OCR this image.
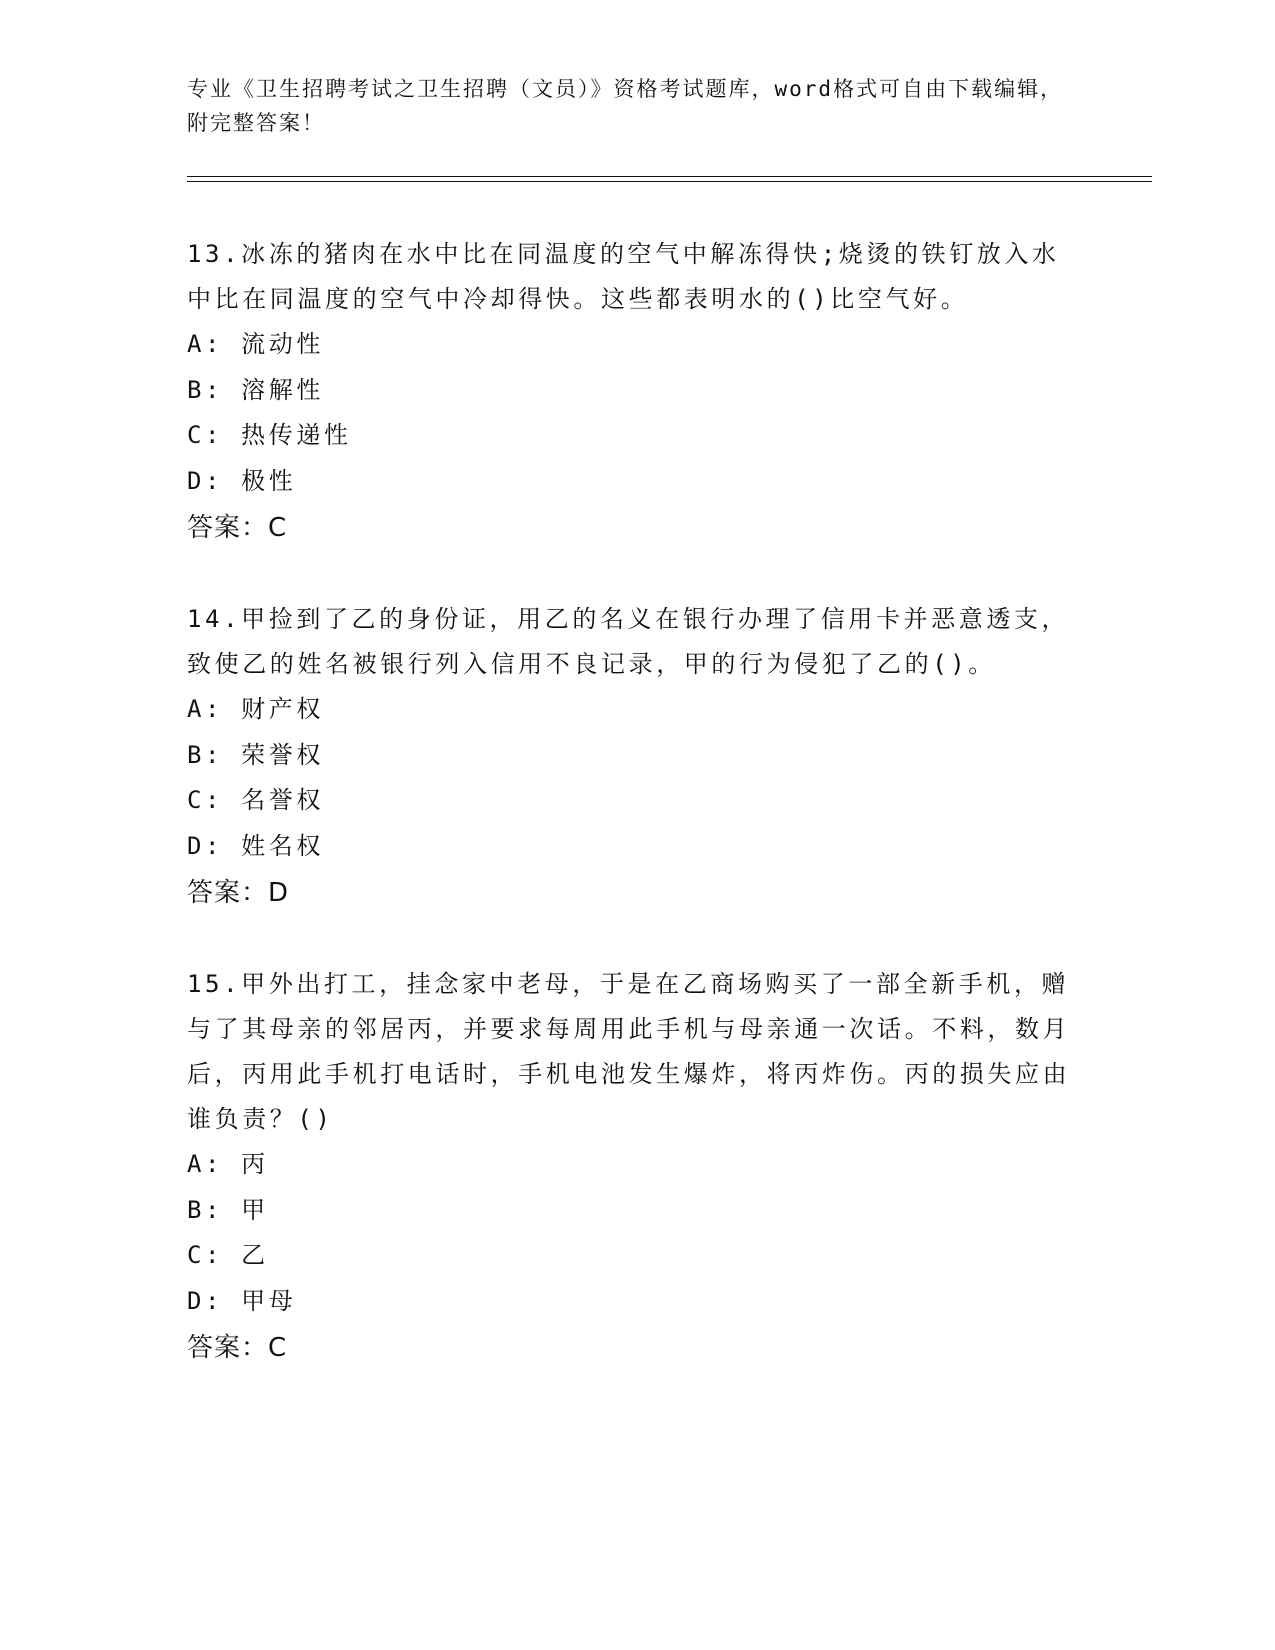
专业《卫生招聘考试之卫生招聘（文员）》资格考试题库，word格式可自由下载编辑，附完整答案！

13.冰冻的猪肉在水中比在同温度的空气中解冻得快;烧烫的铁钉放入水中比在同温度的空气中冷却得快。这些都表明水的()比空气好。

A: 流动性
B: 溶解性
C: 热传递性
D: 极性
答案：C

14.甲捡到了乙的身份证，用乙的名义在银行办理了信用卡并恶意透支，致使乙的姓名被银行列入信用不良记录，甲的行为侵犯了乙的()。

A: 财产权
B: 荣誉权
C: 名誉权
D: 姓名权
答案：D

15.甲外出打工，挂念家中老母，于是在乙商场购买了一部全新手机，赠与了其母亲的邻居丙，并要求每周用此手机与母亲通一次话。不料，数月后，丙用此手机打电话时，手机电池发生爆炸，将丙炸伤。丙的损失应由谁负责？()

A: 丙
B: 甲
C: 乙
D: 甲母
答案：C
